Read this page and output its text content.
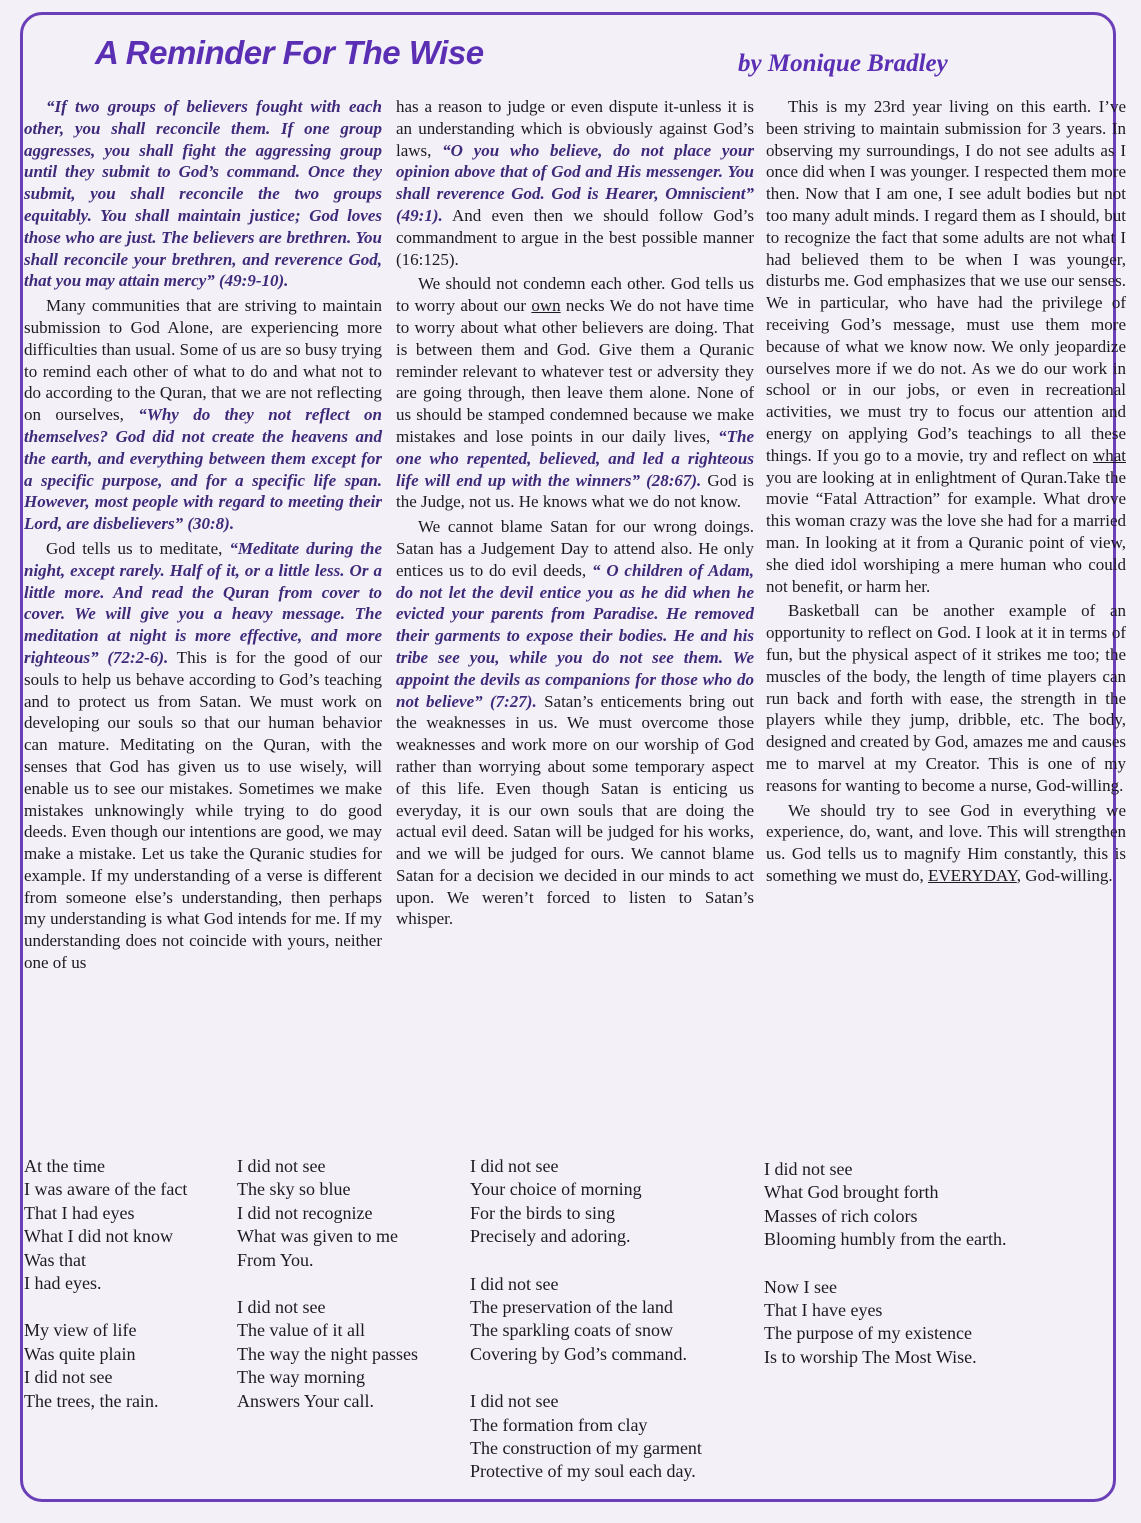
A Reminder For The Wise	by Monique Bradley

“If two groups of believers fought with each other, you shall reconcile them. If one group aggresses, you shall fight the aggressing group until they submit to God’s command. Once they submit, you shall reconcile the two groups equitably. You shall maintain justice; God loves those who are just. The believers are brethren. You shall reconcile your brethren, and reverence God, that you may attain mercy” (49:9-10).

Many communities that are striving to maintain submission to God Alone, are experiencing more difficulties than usual. Some of us are so busy trying to remind each other of what to do and what not to do according to the Quran, that we are not reflecting on ourselves, “Why do they not reflect on themselves? God did not create the heavens and the earth, and everything between them except for a specific purpose, and for a specific life span. However, most people with regard to meeting their Lord, are disbelievers” (30:8).

God tells us to meditate, “Meditate during the night, except rarely. Half of it, or a little less. Or a little more. And read the Quran from cover to cover. We will give you a heavy message. The meditation at night is more effective, and more righteous” (72:2-6). This is for the good of our souls to help us behave according to God’s teaching and to protect us from Satan. We must work on developing our souls so that our human behavior can mature. Meditating on the Quran, with the senses that God has given us to use wisely, will enable us to see our mistakes. Sometimes we make mistakes unknowingly while trying to do good deeds. Even though our intentions are good, we may make a mistake. Let us take the Quranic studies for example. If my understanding of a verse is different from someone else’s understanding, then perhaps my understanding is what God intends for me. If my understanding does not coincide with yours, neither one of us

has a reason to judge or even dispute it-unless it is an understanding which is obviously against God’s laws, “O you who believe, do not place your opinion above that of God and His messenger. You shall reverence God. God is Hearer, Omniscient” (49:1). And even then we should follow God’s commandment to argue in the best possible manner (16:125).

We should not condemn each other. God tells us to worry about our own necks We do not have time to worry about what other believers are doing. That is between them and God. Give them a Quranic reminder relevant to whatever test or adversity they are going through, then leave them alone. None of us should be stamped condemned because we make mistakes and lose points in our daily lives, “The one who repented, believed, and led a righteous life will end up with the winners” (28:67). God is the Judge, not us. He knows what we do not know.

We cannot blame Satan for our wrong doings. Satan has a Judgement Day to attend also. He only entices us to do evil deeds, “ O children of Adam, do not let the devil entice you as he did when he evicted your parents from Paradise. He removed their garments to expose their bodies. He and his tribe see you, while you do not see them. We appoint the devils as companions for those who do not believe” (7:27). Satan’s enticements bring out the weaknesses in us. We must overcome those weaknesses and work more on our worship of God rather than worrying about some temporary aspect of this life. Even though Satan is enticing us everyday, it is our own souls that are doing the actual evil deed. Satan will be judged for his works, and we will be judged for ours. We cannot blame Satan for a decision we decided in our minds to act upon. We weren’t forced to listen to Satan’s whisper.

This is my 23rd year living on this earth. I’ve been striving to maintain submission for 3 years. In observing my surroundings, I do not see adults as I once did when I was younger. I respected them more then. Now that I am one, I see adult bodies but not too many adult minds. I regard them as I should, but to recognize the fact that some adults are not what I had believed them to be when I was younger, disturbs me. God emphasizes that we use our senses. We in particular, who have had the privilege of receiving God’s message, must use them more because of what we know now. We only jeopardize ourselves more if we do not. As we do our work in school or in our jobs, or even in recreational activities, we must try to focus our attention and energy on applying God’s teachings to all these things. If you go to a movie, try and reflect on what you are looking at in enlightment of Quran.Take the movie “Fatal Attraction” for example. What drove this woman crazy was the love she had for a married man. In looking at it from a Quranic point of view, she died idol worshiping a mere human who could not benefit, or harm her.

Basketball can be another example of an opportunity to reflect on God. I look at it in terms of fun, but the physical aspect of it strikes me too; the muscles of the body, the length of time players can run back and forth with ease, the strength in the players while they jump, dribble, etc. The body, designed and created by God, amazes me and causes me to marvel at my Creator. This is one of my reasons for wanting to become a nurse, God-willing.

We should try to see God in everything we experience, do, want, and love. This will strengthen us. God tells us to magnify Him constantly, this is something we must do, EVERYDAY, God-willing.

At the time
I was aware of the fact
That I had eyes
What I did not know
Was that
I had eyes.
My view of life
Was quite plain
I did not see
The trees, the rain.
I did not see
The sky so blue
I did not recognize
What was given to me
From You.
I did not see
The value of it all
The way the night passes
The way morning
Answers Your call.
I did not see
Your choice of morning
For the birds to sing
Precisely and adoring.
I did not see
The preservation of the land
The sparkling coats of snow
Covering by God’s command.
I did not see
The formation from clay
The construction of my garment
Protective of my soul each day.
I did not see
What God brought forth
Masses of rich colors
Blooming humbly from the earth.
Now I see
That I have eyes
The purpose of my existence
Is to worship The Most Wise.
